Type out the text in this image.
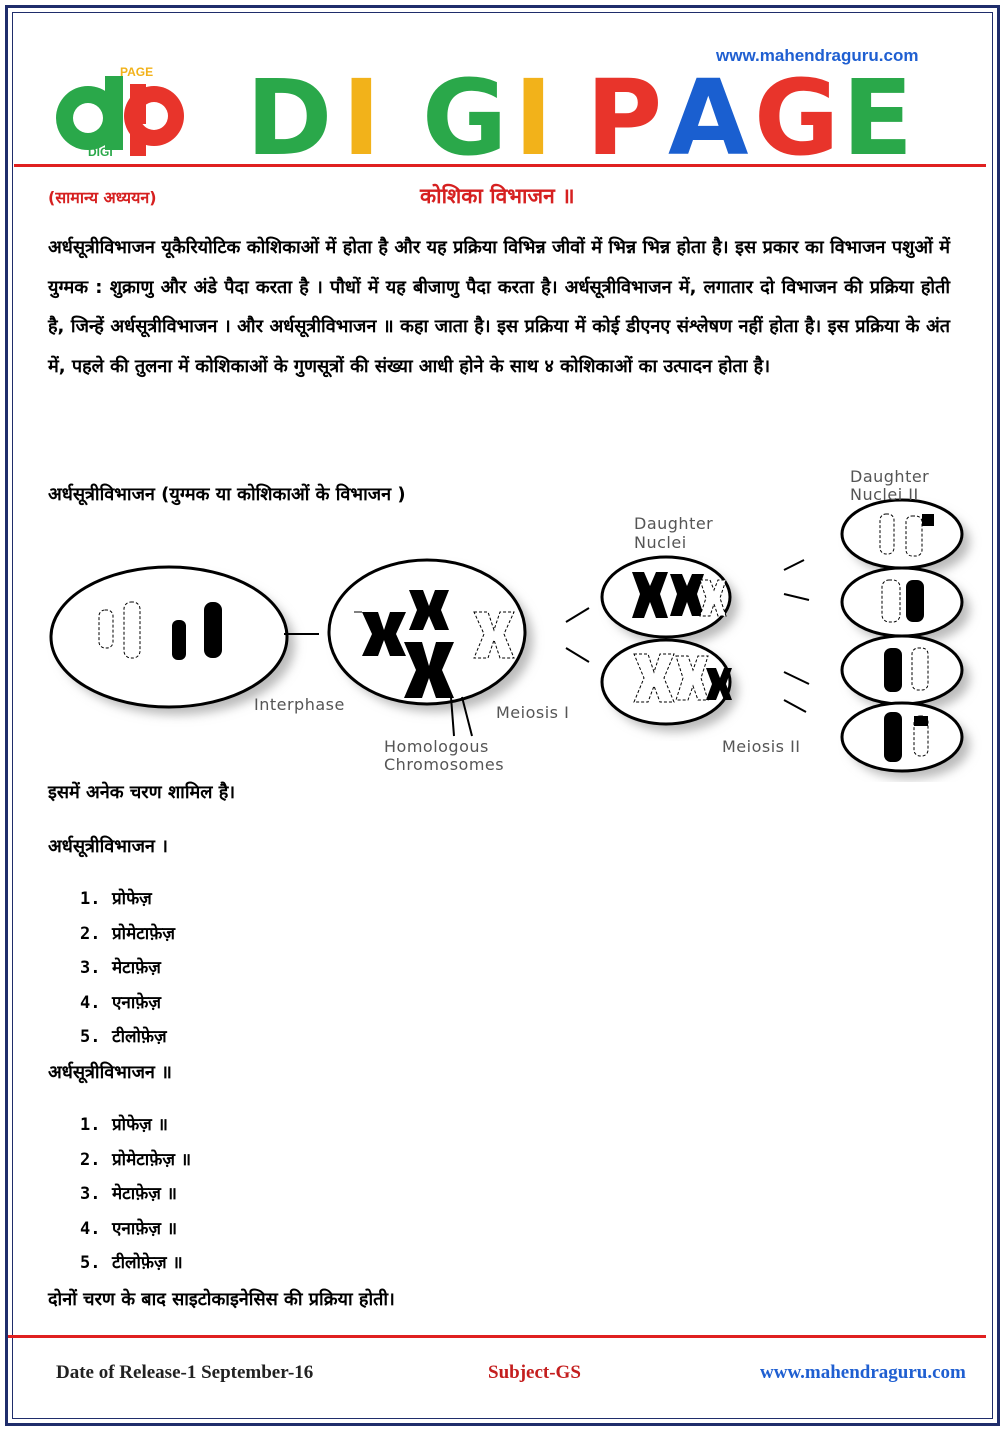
www.mahendraguru.com
PAGE
DIGI D I G I P A G E
(सामान्य अध्ययन)	कोशिका विभाजन ॥
अर्धसूत्रीविभाजन यूकैरियोटिक कोशिकाओं में होता है और यह प्रक्रिया विभिन्न जीवों में भिन्न भिन्न होता है। इस प्रकार का विभाजन पशुओं में युग्मक : शुक्राणु और अंडे पैदा करता है । पौधों में यह बीजाणु पैदा करता है। अर्धसूत्रीविभाजन में, लगातार दो विभाजन की प्रक्रिया होती है, जिन्हें अर्धसूत्रीविभाजन । और अर्धसूत्रीविभाजन ॥ कहा जाता है। इस प्रक्रिया में कोई डीएनए संश्लेषण नहीं होता है। इस प्रक्रिया के अंत में, पहले की तुलना में कोशिकाओं के गुणसूत्रों की संख्या आधी होने के साथ ४ कोशिकाओं का उत्पादन होता है।
अर्धसूत्रीविभाजन (युग्मक या कोशिकाओं के विभाजन )
Interphase
Homologous
Chromosomes
Meiosis I
Daughter
Nuclei
Daughter
Nuclei II
Meiosis II
इसमें अनेक चरण शामिल है।
अर्धसूत्रीविभाजन ।
1. प्रोफेज़
2. प्रोमेटाफ़ेज़
3. मेटाफ़ेज़
4. एनाफ़ेज़
5. टीलोफ़ेज़
अर्धसूत्रीविभाजन ॥
1. प्रोफेज़ ॥
2. प्रोमेटाफ़ेज़ ॥
3. मेटाफ़ेज़ ॥
4. एनाफ़ेज़ ॥
5. टीलोफ़ेज़ ॥
दोनों चरण के बाद साइटोकाइनेसिस की प्रक्रिया होती।
Date of Release-1 September-16	Subject-GS	www.mahendraguru.com
